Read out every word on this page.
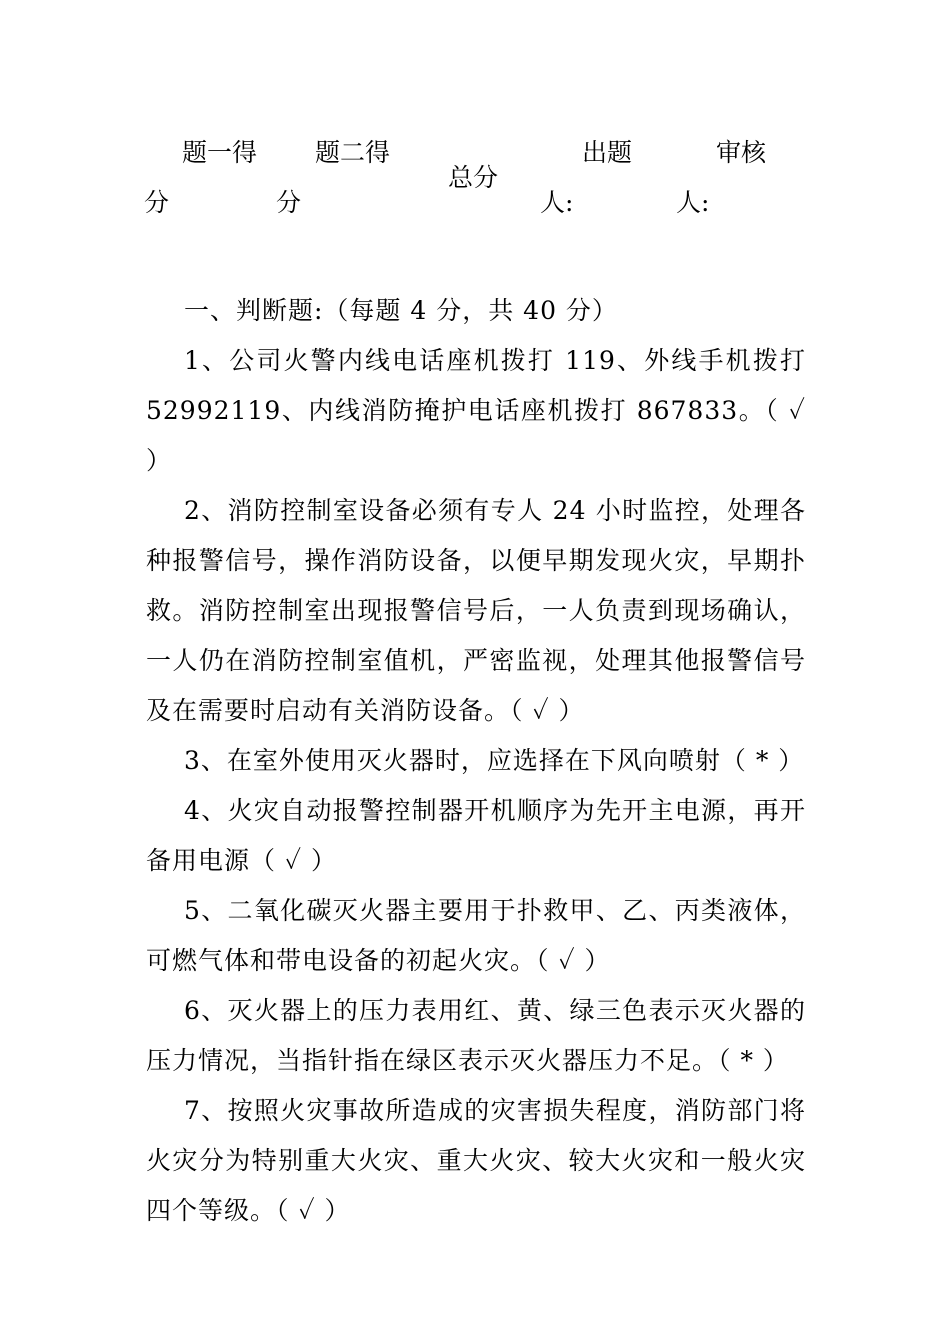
题一得
分
题二得
分
总分
出题
人:
审核
人:

一、判断题:（每题 4 分，共 40 分）

1、公司火警内线电话座机拨打 119、外线手机拨打 52992119、内线消防掩护电话座机拨打 867833。（ ✓ ）

2、消防控制室设备必须有专人 24 小时监控，处理各种报警信号，操作消防设备，以便早期发现火灾，早期扑救。消防控制室出现报警信号后，一人负责到现场确认，一人仍在消防控制室值机，严密监视，处理其他报警信号及在需要时启动有关消防设备。（ ✓ ）

3、在室外使用灭火器时，应选择在下风向喷射（ * ）

4、火灾自动报警控制器开机顺序为先开主电源，再开备用电源（ ✓ ）

5、二氧化碳灭火器主要用于扑救甲、乙、丙类液体，可燃气体和带电设备的初起火灾。（ ✓ ）

6、灭火器上的压力表用红、黄、绿三色表示灭火器的压力情况，当指针指在绿区表示灭火器压力不足。（ * ）

7、按照火灾事故所造成的灾害损失程度，消防部门将火灾分为特别重大火灾、重大火灾、较大火灾和一般火灾四个等级。（ ✓ ）
